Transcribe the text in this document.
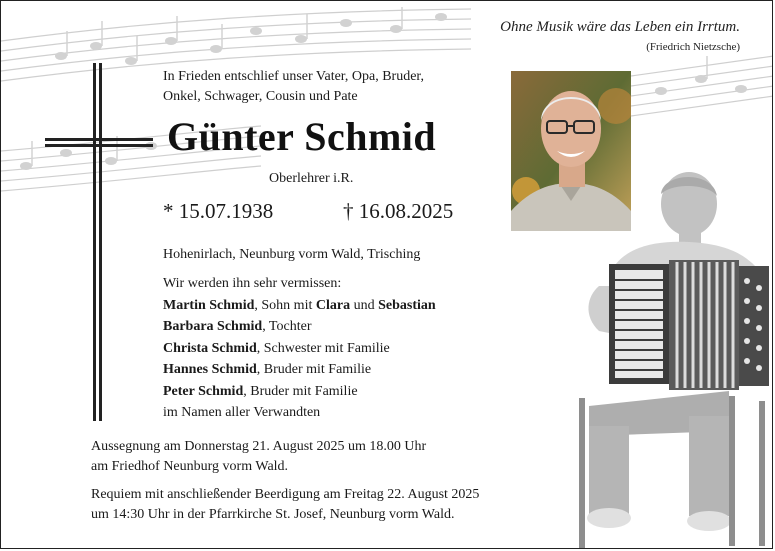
Ohne Musik wäre das Leben ein Irrtum.
(Friedrich Nietzsche)
In Frieden entschlief unser Vater, Opa, Bruder,
Onkel, Schwager, Cousin und Pate
Günter Schmid
Oberlehrer i.R.
* 15.07.1938	† 16.08.2025
Hohenirlach, Neunburg vorm Wald, Trisching
Wir werden ihn sehr vermissen:
Martin Schmid, Sohn mit Clara und Sebastian
Barbara Schmid, Tochter
Christa Schmid, Schwester mit Familie
Hannes Schmid, Bruder mit Familie
Peter Schmid, Bruder mit Familie
im Namen aller Verwandten
Aussegnung am Donnerstag 21. August 2025 um 18.00 Uhr
am Friedhof Neunburg vorm Wald.
Requiem mit anschließender Beerdigung am Freitag 22. August 2025
um 14:30 Uhr in der Pfarrkirche St. Josef, Neunburg vorm Wald.
